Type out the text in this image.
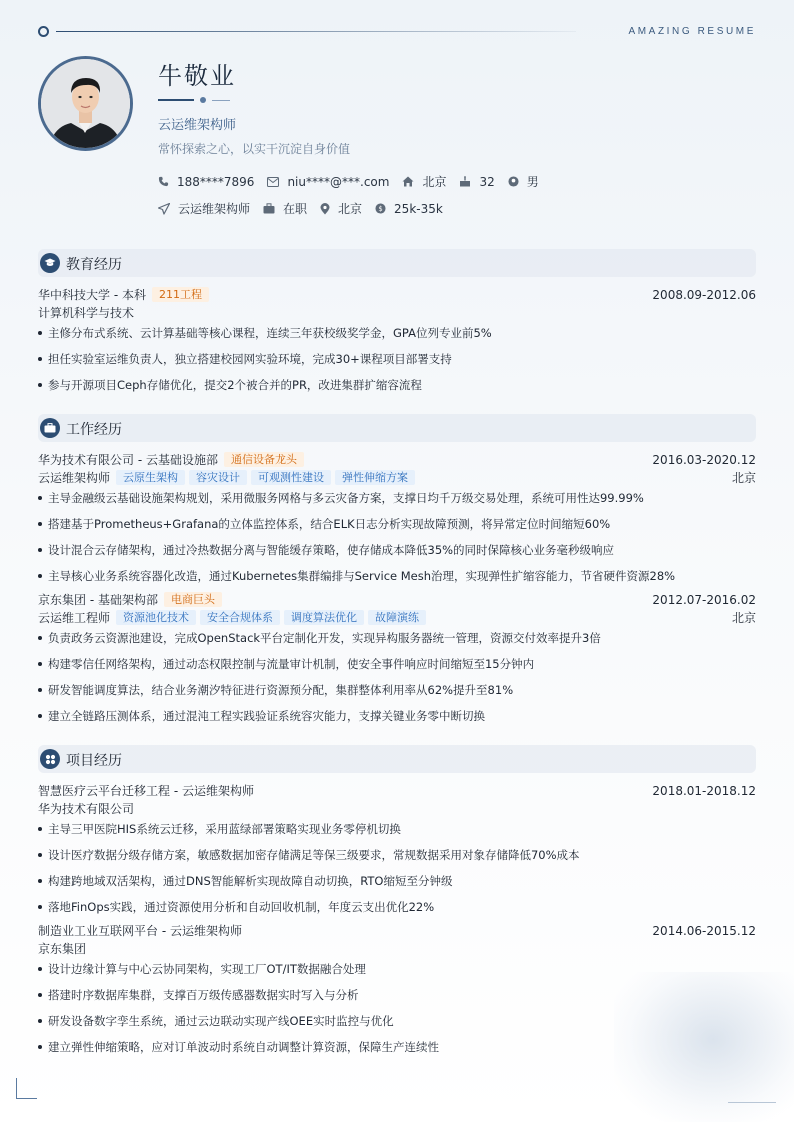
AMAZING RESUME
牛敬业
云运维架构师
常怀探索之心，以实干沉淀自身价值
188****7896	niu****@***.com	北京	32	男
云运维架构师	在职	北京 $ 25k-35k
教育经历
华中科技大学 - 本科 211工程	2008.09-2012.06
计算机科学与技术
主修分布式系统、云计算基础等核心课程，连续三年获校级奖学金，GPA位列专业前5%
担任实验室运维负责人，独立搭建校园网实验环境，完成30+课程项目部署支持
参与开源项目Ceph存储优化，提交2个被合并的PR，改进集群扩缩容流程
工作经历
华为技术有限公司 - 云基础设施部 通信设备龙头	2016.03-2020.12
云运维架构师 云原生架构 容灾设计 可观测性建设 弹性伸缩方案	北京
主导金融级云基础设施架构规划，采用微服务网格与多云灾备方案，支撑日均千万级交易处理，系统可用性达99.99%
搭建基于Prometheus+Grafana的立体监控体系，结合ELK日志分析实现故障预测，将异常定位时间缩短60%
设计混合云存储架构，通过冷热数据分离与智能缓存策略，使存储成本降低35%的同时保障核心业务毫秒级响应
主导核心业务系统容器化改造，通过Kubernetes集群编排与Service Mesh治理，实现弹性扩缩容能力，节省硬件资源28%
京东集团 - 基础架构部 电商巨头	2012.07-2016.02
云运维工程师 资源池化技术 安全合规体系 调度算法优化 故障演练	北京
负责政务云资源池建设，完成OpenStack平台定制化开发，实现异构服务器统一管理，资源交付效率提升3倍
构建零信任网络架构，通过动态权限控制与流量审计机制，使安全事件响应时间缩短至15分钟内
研发智能调度算法，结合业务潮汐特征进行资源预分配，集群整体利用率从62%提升至81%
建立全链路压测体系，通过混沌工程实践验证系统容灾能力，支撑关键业务零中断切换
项目经历
智慧医疗云平台迁移工程 - 云运维架构师	2018.01-2018.12
华为技术有限公司
主导三甲医院HIS系统云迁移，采用蓝绿部署策略实现业务零停机切换
设计医疗数据分级存储方案，敏感数据加密存储满足等保三级要求，常规数据采用对象存储降低70%成本
构建跨地域双活架构，通过DNS智能解析实现故障自动切换，RTO缩短至分钟级
落地FinOps实践，通过资源使用分析和自动回收机制，年度云支出优化22%
制造业工业互联网平台 - 云运维架构师	2014.06-2015.12
京东集团
设计边缘计算与中心云协同架构，实现工厂OT/IT数据融合处理
搭建时序数据库集群，支撑百万级传感器数据实时写入与分析
研发设备数字孪生系统，通过云边联动实现产线OEE实时监控与优化
建立弹性伸缩策略，应对订单波动时系统自动调整计算资源，保障生产连续性
